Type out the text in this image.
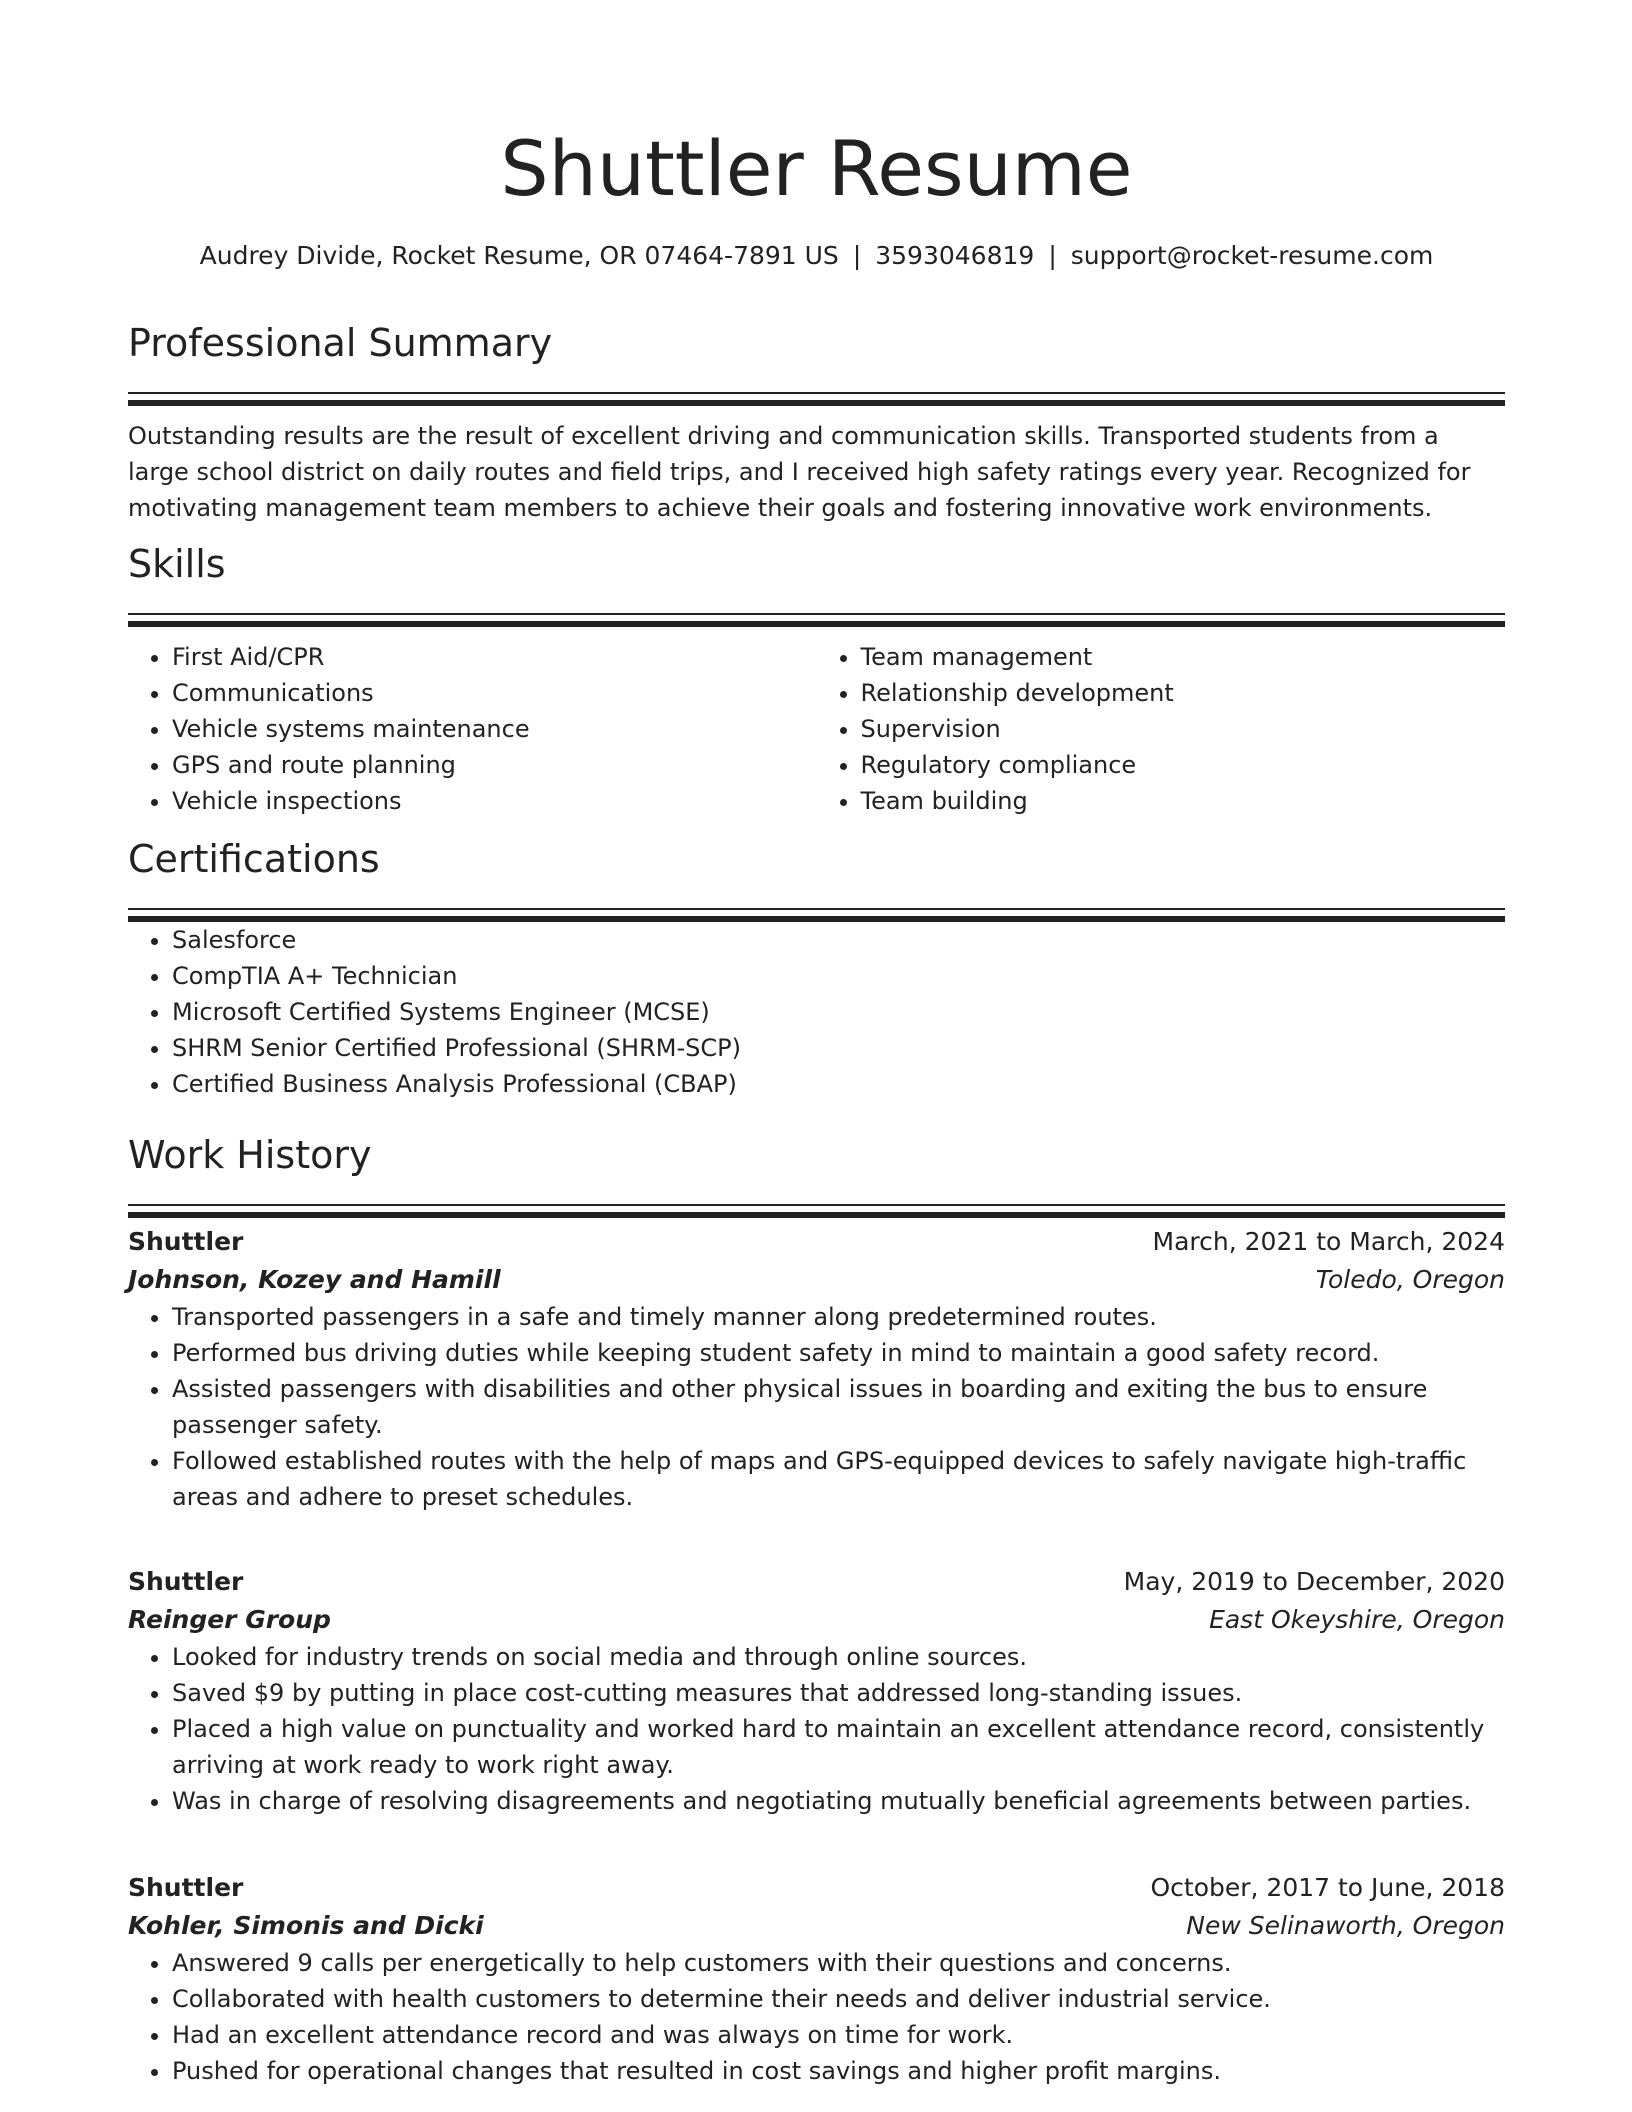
Shuttler Resume
Audrey Divide, Rocket Resume, OR 07464-7891 US | 3593046819 | support@rocket-resume.com
Professional Summary

Outstanding results are the result of excellent driving and communication skills. Transported students from a large school district on daily routes and field trips, and I received high safety ratings every year. Recognized for motivating management team members to achieve their goals and fostering innovative work environments.

Skills
• First Aid/CPR
• Communications
• Vehicle systems maintenance
• GPS and route planning
• Vehicle inspections
• Team management
• Relationship development
• Supervision
• Regulatory compliance
• Team building
Certifications
• Salesforce
• CompTIA A+ Technician
• Microsoft Certified Systems Engineer (MCSE)
• SHRM Senior Certified Professional (SHRM-SCP)
• Certified Business Analysis Professional (CBAP)
Work History
Shuttler	March, 2021 to March, 2024
Johnson, Kozey and Hamill	Toledo, Oregon
• Transported passengers in a safe and timely manner along predetermined routes.
• Performed bus driving duties while keeping student safety in mind to maintain a good safety record.
• Assisted passengers with disabilities and other physical issues in boarding and exiting the bus to ensure passenger safety.
• Followed established routes with the help of maps and GPS-equipped devices to safely navigate high-traffic areas and adhere to preset schedules.
Shuttler	May, 2019 to December, 2020
Reinger Group	East Okeyshire, Oregon
• Looked for industry trends on social media and through online sources.
• Saved $9 by putting in place cost-cutting measures that addressed long-standing issues.
• Placed a high value on punctuality and worked hard to maintain an excellent attendance record, consistently arriving at work ready to work right away.
• Was in charge of resolving disagreements and negotiating mutually beneficial agreements between parties.
Shuttler	October, 2017 to June, 2018
Kohler, Simonis and Dicki	New Selinaworth, Oregon
• Answered 9 calls per energetically to help customers with their questions and concerns.
• Collaborated with health customers to determine their needs and deliver industrial service.
• Had an excellent attendance record and was always on time for work.
• Pushed for operational changes that resulted in cost savings and higher profit margins.
